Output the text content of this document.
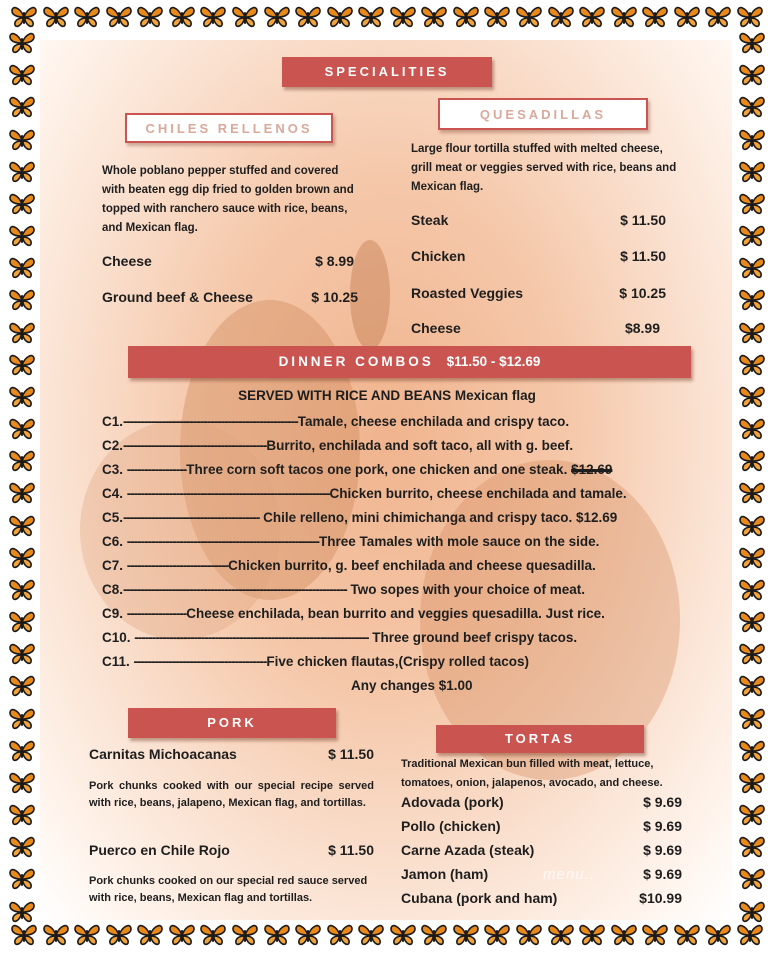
SPECIALITIES
CHILES RELLENOS
Whole poblano pepper stuffed and covered with beaten egg dip fried to golden brown and topped with ranchero sauce with rice, beans, and Mexican flag.
Cheese	$ 8.99
Ground beef & Cheese	$ 10.25
QUESADILLAS
Large flour tortilla stuffed with melted cheese, grill meat or veggies served with rice, beans and Mexican flag.
Steak	$ 11.50
Chicken	$ 11.50
Roasted Veggies	$ 10.25
Cheese	$8.99
DINNER COMBOS $11.50 - $12.69
SERVED WITH RICE AND BEANS Mexican flag
C1.--------------------------------------------------Tamale, cheese enchilada and crispy taco.
C2.-----------------------------------------Burrito, enchilada and soft taco, all with g. beef.
C3. -----------------Three corn soft tacos one pork, one chicken and one steak. $12.69
C4. ----------------------------------------------------------Chicken burrito, cheese enchilada and tamale.
C5.--------------------------------------- Chile relleno, mini chimichanga and crispy taco. $12.69
C6. -------------------------------------------------------Three Tamales with mole sauce on the side.
C7. -----------------------------Chicken burrito, g. beef enchilada and cheese quesadilla.
C8.---------------------------------------------------------------- Two sopes with your choice of meat.
C9. -----------------Cheese enchilada, bean burrito and veggies quesadilla. Just rice.
C10. ------------------------------------------------------------------- Three ground beef crispy tacos.
C11. --------------------------------------Five chicken flautas,(Crispy rolled tacos)
Any changes $1.00
PORK
Carnitas Michoacanas	$ 11.50
Pork chunks cooked with our special recipe served with rice, beans, jalapeno, Mexican flag, and tortillas.
Puerco en Chile Rojo	$ 11.50
Pork chunks cooked on our special red sauce served with rice, beans, Mexican flag and tortillas.
TORTAS
Traditional Mexican bun filled with meat, lettuce, tomatoes, onion, jalapenos, avocado, and cheese.
Adovada (pork)	$ 9.69
Pollo (chicken)	$ 9.69
Carne Azada (steak)	$ 9.69
Jamon (ham)	$ 9.69
Cubana (pork and ham)	$10.99
menu..
